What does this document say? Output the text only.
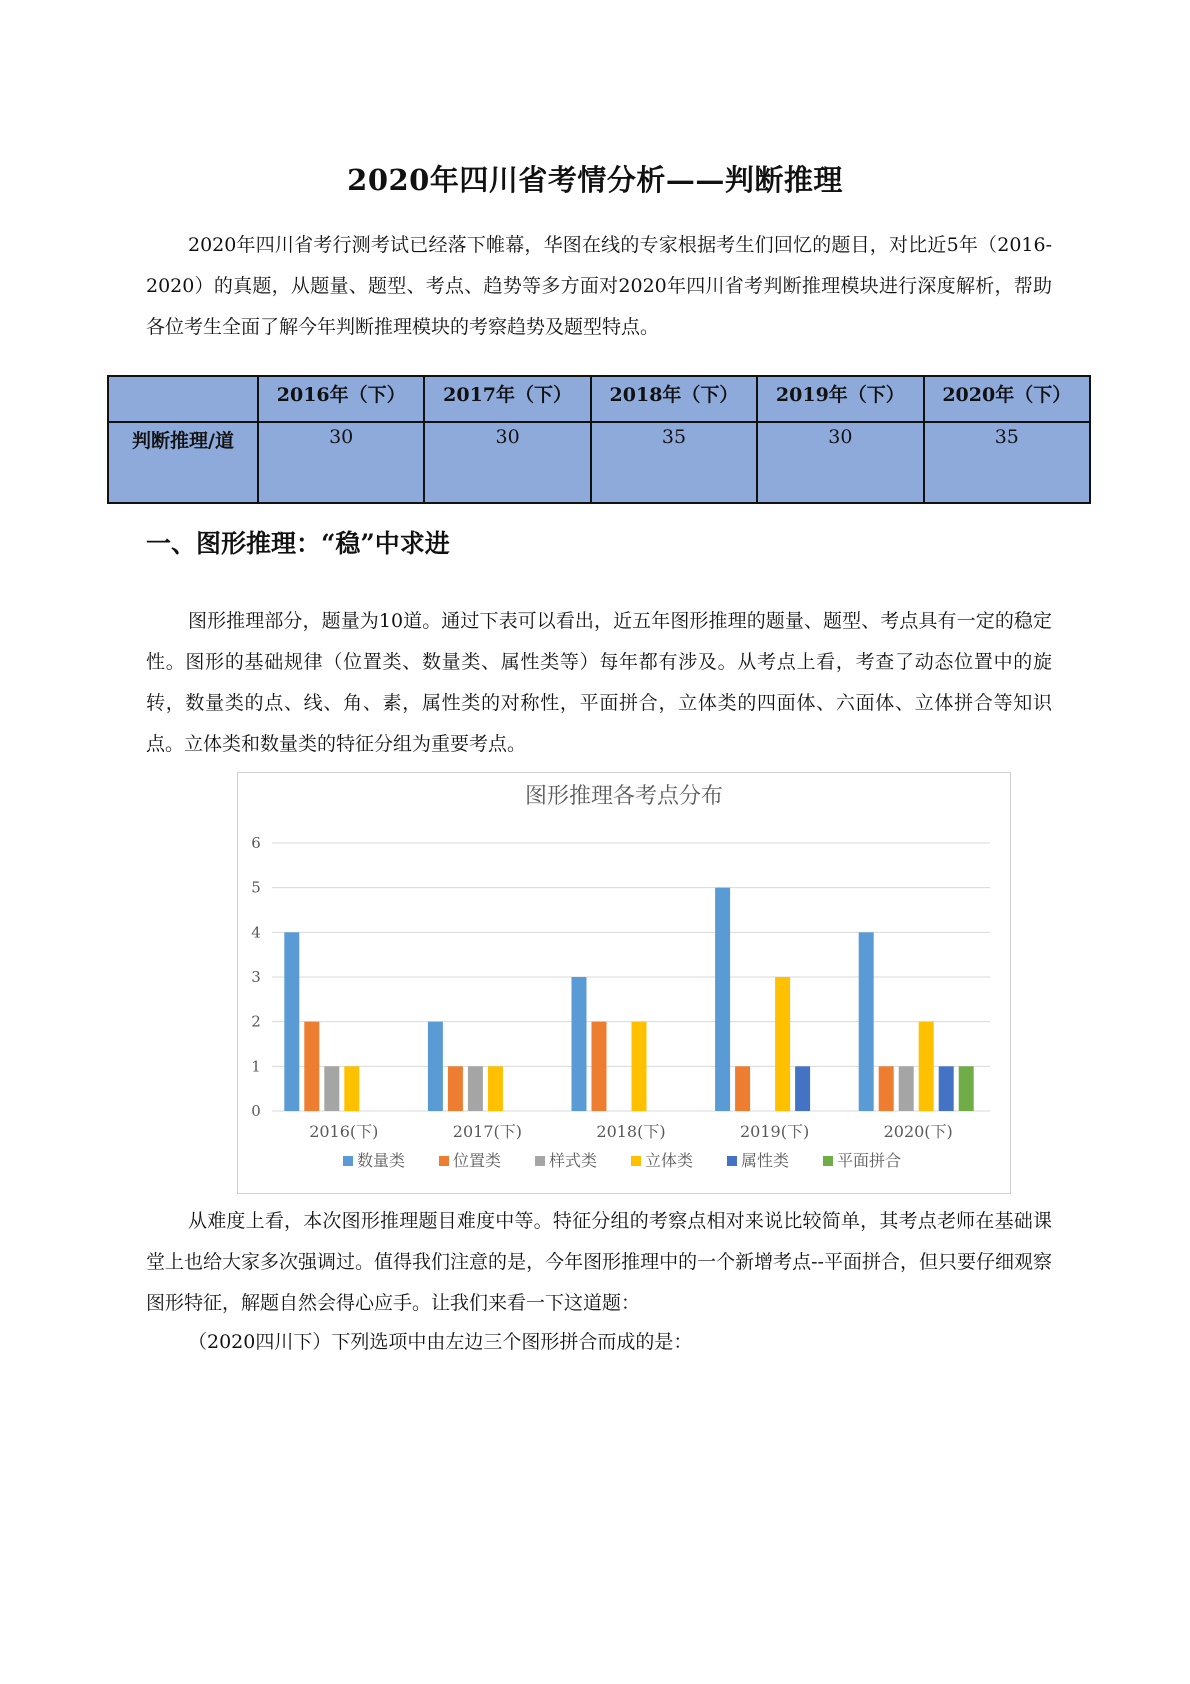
2020年四川省考情分析——判断推理

2020年四川省考行测考试已经落下帷幕，华图在线的专家根据考生们回忆的题目，对比近5年（2016-2020）的真题，从题量、题型、考点、趋势等多方面对2020年四川省考判断推理模块进行深度解析，帮助各位考生全面了解今年判断推理模块的考察趋势及题型特点。

	2016年（下）	2017年（下）	2018年（下）	2019年（下）	2020年（下）
判断推理/道	30	30	35	30	35
一、图形推理：“稳”中求进

图形推理部分，题量为10道。通过下表可以看出，近五年图形推理的题量、题型、考点具有一定的稳定性。图形的基础规律（位置类、数量类、属性类等）每年都有涉及。从考点上看，考查了动态位置中的旋转，数量类的点、线、角、素，属性类的对称性，平面拼合，立体类的四面体、六面体、立体拼合等知识点。立体类和数量类的特征分组为重要考点。

图形推理各考点分布
0
1
2
3
4
5
6
2016(下)	2017(下)	2018(下)	2019(下)	2020(下)
数量类	位置类	样式类	立体类	属性类	平面拼合

从难度上看，本次图形推理题目难度中等。特征分组的考察点相对来说比较简单，其考点老师在基础课堂上也给大家多次强调过。值得我们注意的是，今年图形推理中的一个新增考点--平面拼合，但只要仔细观察图形特征，解题自然会得心应手。让我们来看一下这道题：

（2020四川下）下列选项中由左边三个图形拼合而成的是：
